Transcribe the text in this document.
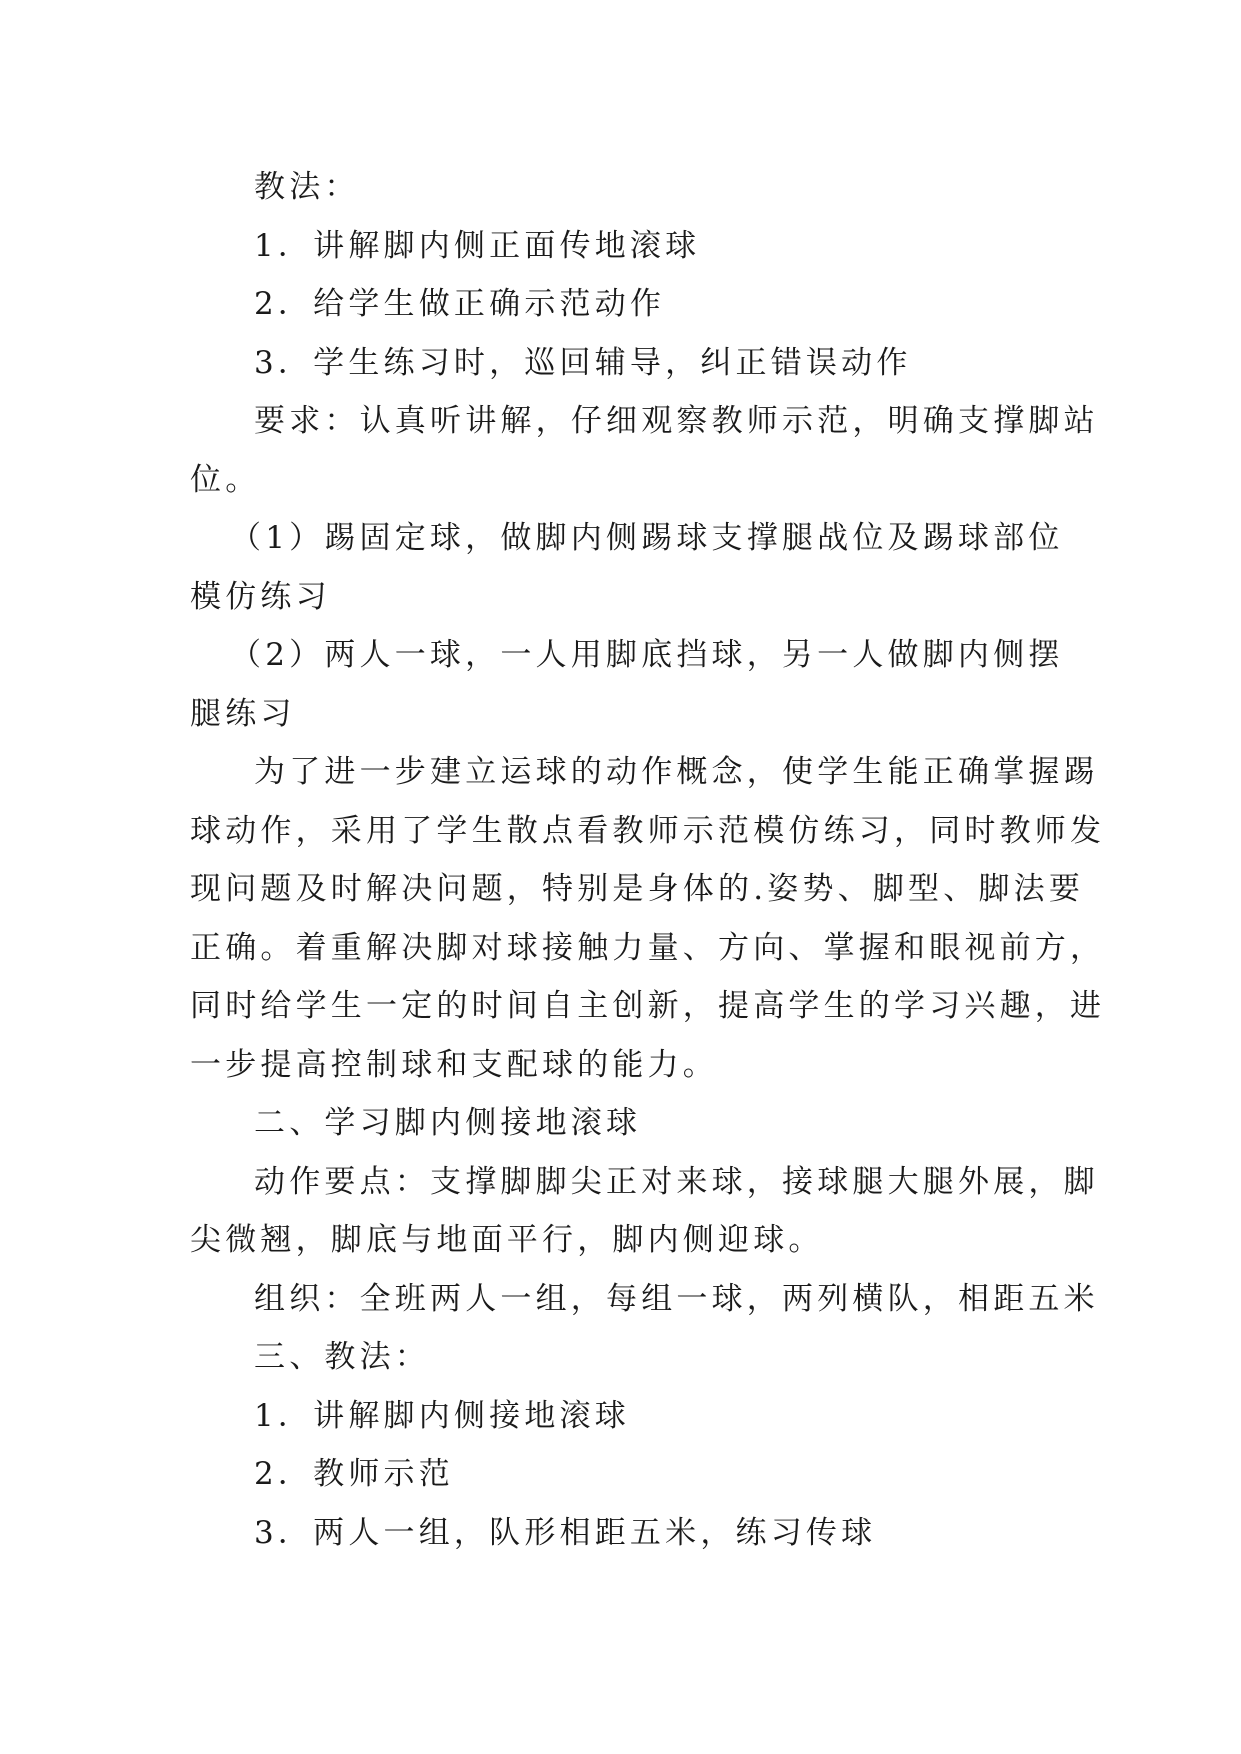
教法：
1．讲解脚内侧正面传地滚球
2．给学生做正确示范动作
3．学生练习时，巡回辅导，纠正错误动作
要求：认真听讲解，仔细观察教师示范，明确支撑脚站
位。
（1）踢固定球，做脚内侧踢球支撑腿战位及踢球部位
模仿练习
（2）两人一球，一人用脚底挡球，另一人做脚内侧摆
腿练习
为了进一步建立运球的动作概念，使学生能正确掌握踢
球动作，采用了学生散点看教师示范模仿练习，同时教师发
现问题及时解决问题，特别是身体的.姿势、脚型、脚法要
正确。着重解决脚对球接触力量、方向、掌握和眼视前方，
同时给学生一定的时间自主创新，提高学生的学习兴趣，进
一步提高控制球和支配球的能力。
二、学习脚内侧接地滚球
动作要点：支撑脚脚尖正对来球，接球腿大腿外展，脚
尖微翘，脚底与地面平行，脚内侧迎球。
组织：全班两人一组，每组一球，两列横队，相距五米
三、教法：
1．讲解脚内侧接地滚球
2．教师示范
3．两人一组，队形相距五米，练习传球
